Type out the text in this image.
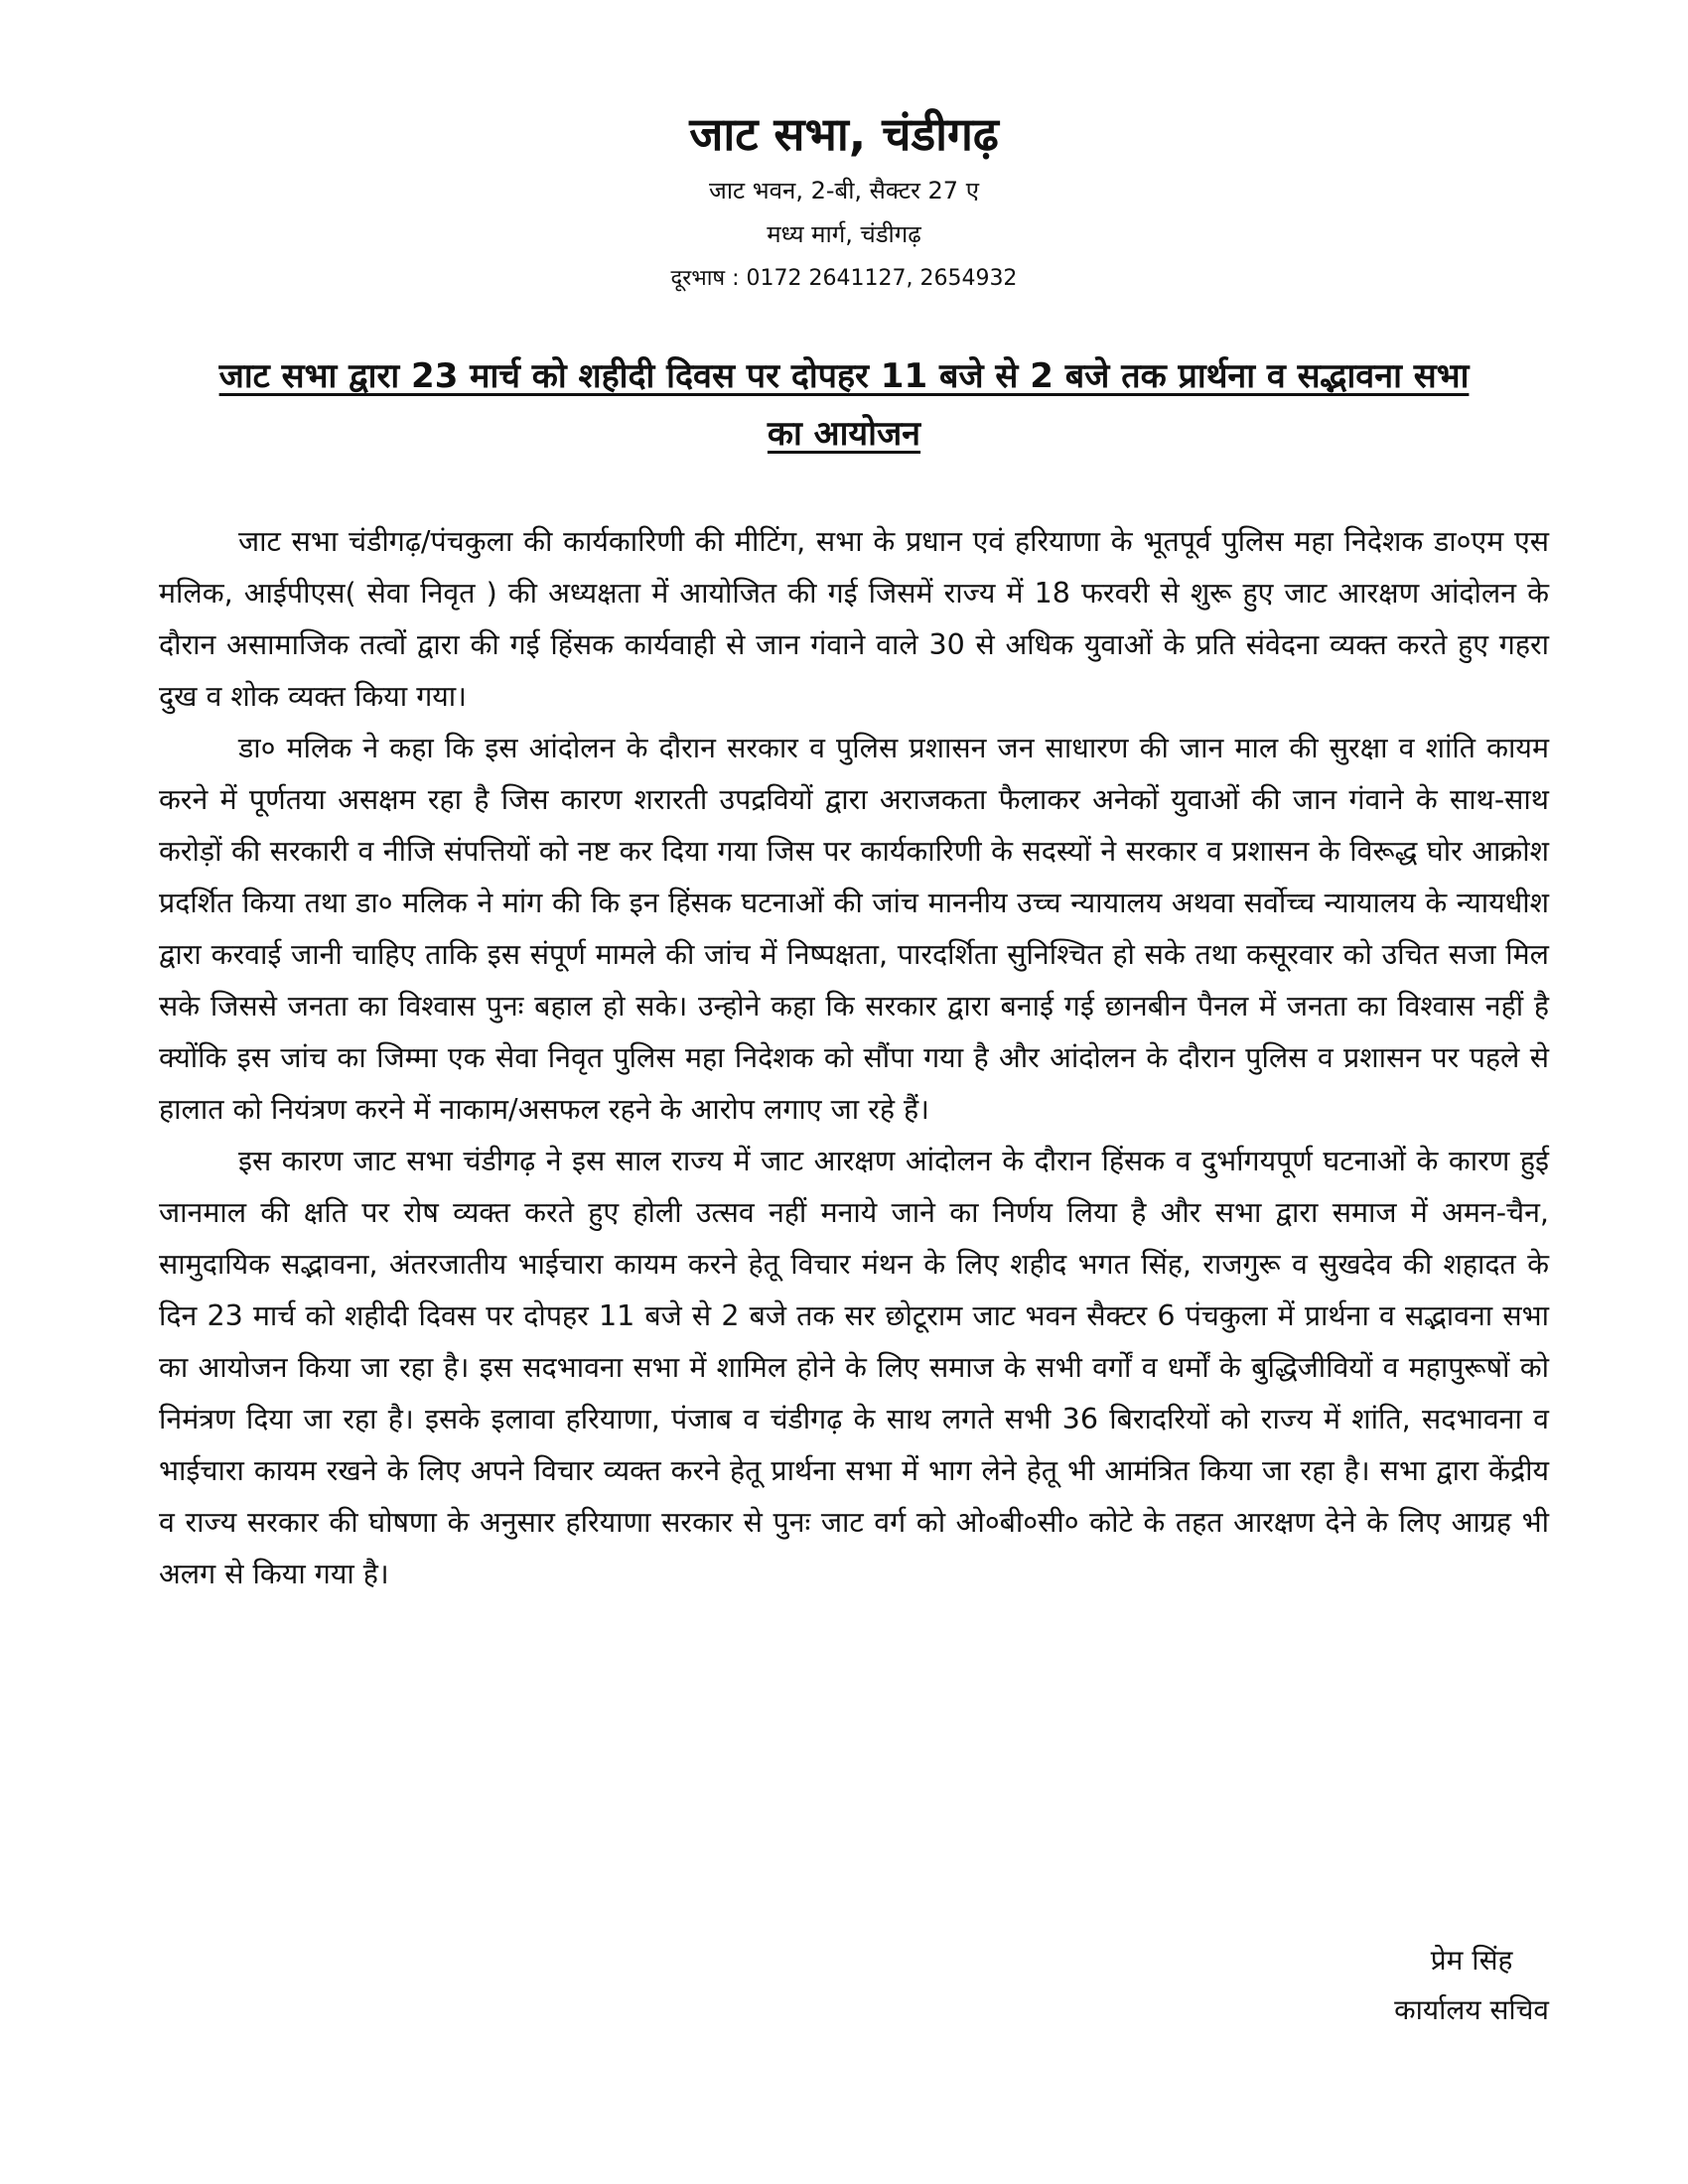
जाट सभा, चंडीगढ़
जाट भवन, 2-बी, सैक्टर 27 ए
मध्य मार्ग, चंडीगढ़
दूरभाष : 0172 2641127, 2654932
जाट सभा द्वारा 23 मार्च को शहीदी दिवस पर दोपहर 11 बजे से 2 बजे तक प्रार्थना व सद्भावना सभा का आयोजन

जाट सभा चंडीगढ़/पंचकुला की कार्यकारिणी की मीटिंग, सभा के प्रधान एवं हरियाणा के भूतपूर्व पुलिस महा निदेशक डा०एम एस मलिक, आईपीएस( सेवा निवृत ) की अध्यक्षता में आयोजित की गई जिसमें राज्य में 18 फरवरी से शुरू हुए जाट आरक्षण आंदोलन के दौरान असामाजिक तत्वों द्वारा की गई हिंसक कार्यवाही से जान गंवाने वाले 30 से अधिक युवाओं के प्रति संवेदना व्यक्त करते हुए गहरा दुख व शोक व्यक्त किया गया।

डा० मलिक ने कहा कि इस आंदोलन के दौरान सरकार व पुलिस प्रशासन जन साधारण की जान माल की सुरक्षा व शांति कायम करने में पूर्णतया असक्षम रहा है जिस कारण शरारती उपद्रवियों द्वारा अराजकता फैलाकर अनेकों युवाओं की जान गंवाने के साथ-साथ करोड़ों की सरकारी व नीजि संपत्तियों को नष्ट कर दिया गया जिस पर कार्यकारिणी के सदस्यों ने सरकार व प्रशासन के विरूद्ध घोर आक्रोश प्रदर्शित किया तथा डा० मलिक ने मांग की कि इन हिंसक घटनाओं की जांच माननीय उच्च न्यायालय अथवा सर्वोच्च न्यायालय के न्यायधीश द्वारा करवाई जानी चाहिए ताकि इस संपूर्ण मामले की जांच में निष्पक्षता, पारदर्शिता सुनिश्चित हो सके तथा कसूरवार को उचित सजा मिल सके जिससे जनता का विश्वास पुनः बहाल हो सके। उन्होने कहा कि सरकार द्वारा बनाई गई छानबीन पैनल में जनता का विश्वास नहीं है क्योंकि इस जांच का जिम्मा एक सेवा निवृत पुलिस महा निदेशक को सौंपा गया है और आंदोलन के दौरान पुलिस व प्रशासन पर पहले से हालात को नियंत्रण करने में नाकाम/असफल रहने के आरोप लगाए जा रहे हैं।

इस कारण जाट सभा चंडीगढ़ ने इस साल राज्य में जाट आरक्षण आंदोलन के दौरान हिंसक व दुर्भागयपूर्ण घटनाओं के कारण हुई जानमाल की क्षति पर रोष व्यक्त करते हुए होली उत्सव नहीं मनाये जाने का निर्णय लिया है और सभा द्वारा समाज में अमन-चैन, सामुदायिक सद्भावना, अंतरजातीय भाईचारा कायम करने हेतू विचार मंथन के लिए शहीद भगत सिंह, राजगुरू व सुखदेव की शहादत के दिन 23 मार्च को शहीदी दिवस पर दोपहर 11 बजे से 2 बजे तक सर छोटूराम जाट भवन सैक्टर 6 पंचकुला में प्रार्थना व सद्भावना सभा का आयोजन किया जा रहा है। इस सदभावना सभा में शामिल होने के लिए समाज के सभी वर्गों व धर्मों के बुद्धिजीवियों व महापुरूषों को निमंत्रण दिया जा रहा है। इसके इलावा हरियाणा, पंजाब व चंडीगढ़ के साथ लगते सभी 36 बिरादरियों को राज्य में शांति, सदभावना व भाईचारा कायम रखने के लिए अपने विचार व्यक्त करने हेतू प्रार्थना सभा में भाग लेने हेतू भी आमंत्रित किया जा रहा है। सभा द्वारा केंद्रीय व राज्य सरकार की घोषणा के अनुसार हरियाणा सरकार से पुनः जाट वर्ग को ओ०बी०सी० कोटे के तहत आरक्षण देने के लिए आग्रह भी अलग से किया गया है।

प्रेम सिंह
कार्यालय सचिव
